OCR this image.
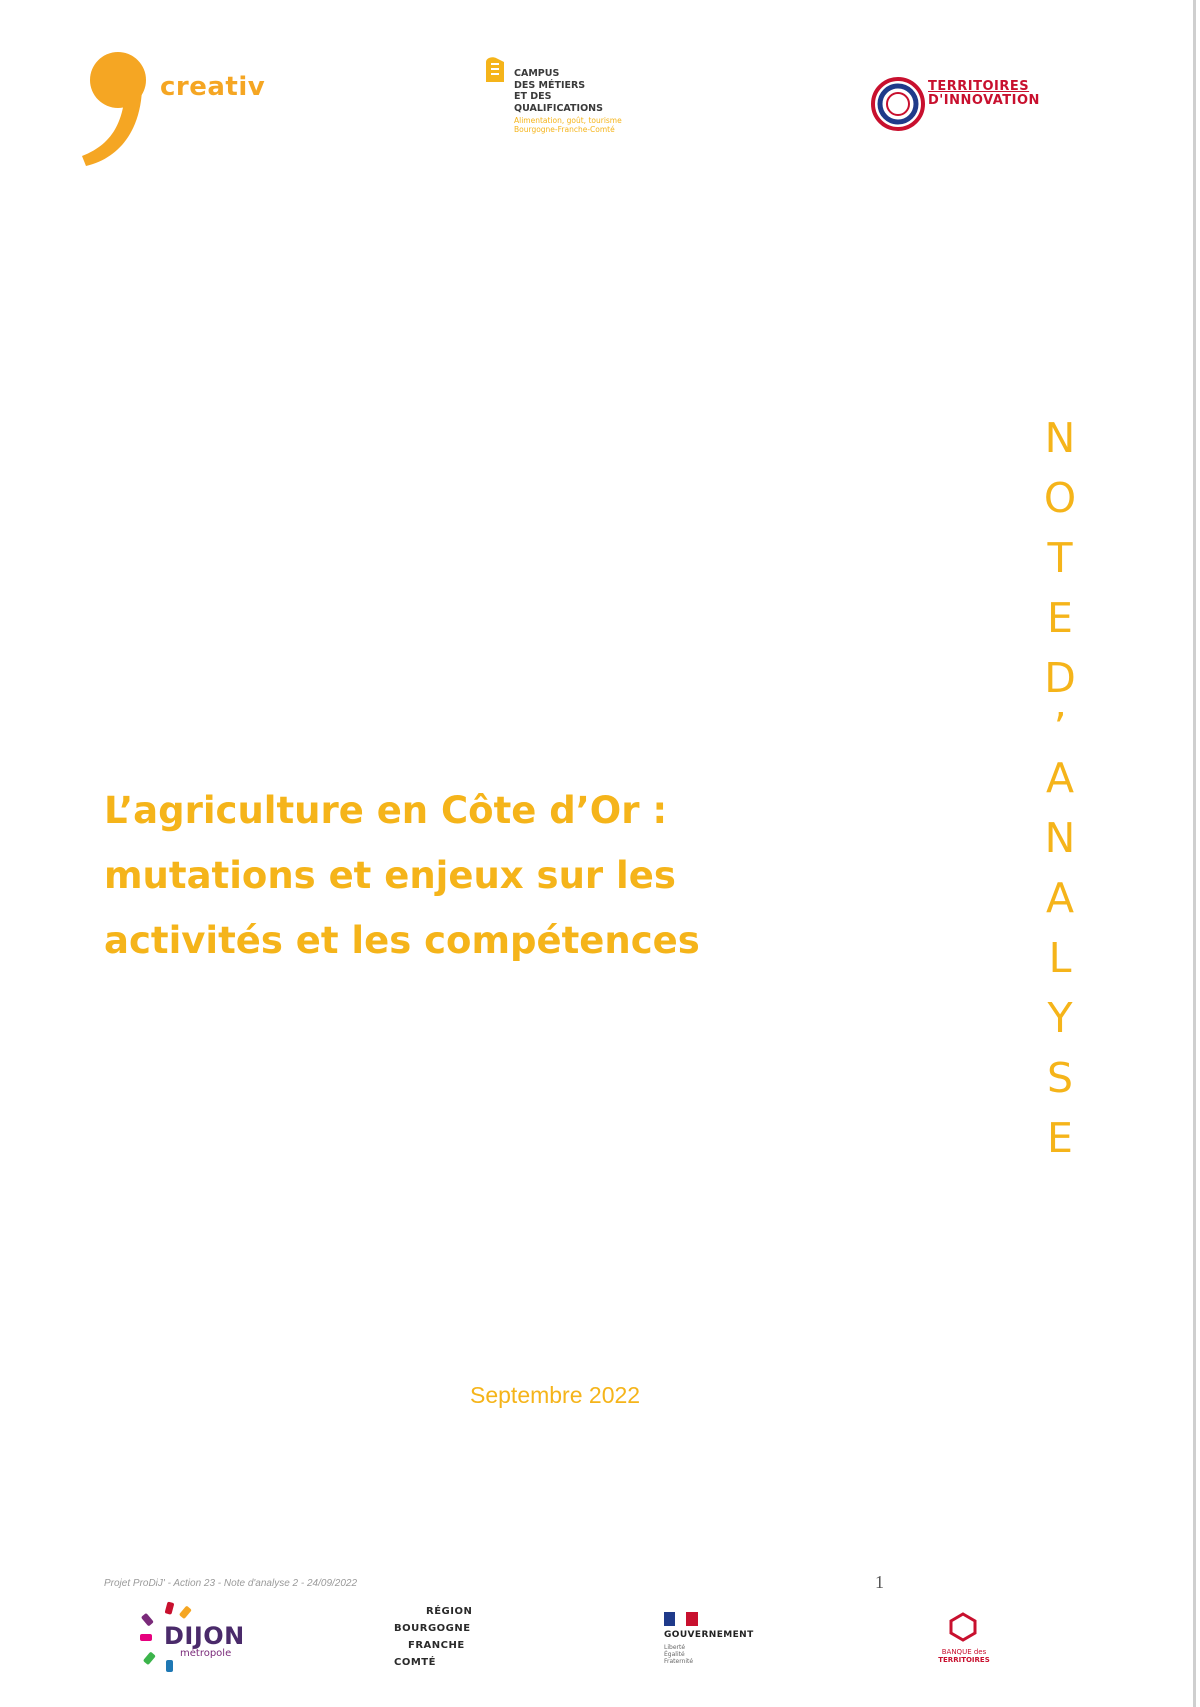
creativ	CAMPUS
DES MÉTIERS
ET DES
QUALIFICATIONS
Alimentation, goût, tourisme
Bourgogne-Franche-Comté
TERRITOIRES
D'INNOVATION
N
O
T
E
D
’
A
N
A
L
Y
S
E
L’agriculture en Côte d’Or :
mutations et enjeux sur les
activités et les compétences
Septembre 2022
Projet ProDiJ' - Action 23 - Note d'analyse 2 - 24/09/2022	1
DIJON
métropole
RÉGION
BOURGOGNE
FRANCHE
COMTÉ
GOUVERNEMENT
Liberté
Égalité
Fraternité
BANQUE des
TERRITOIRES
